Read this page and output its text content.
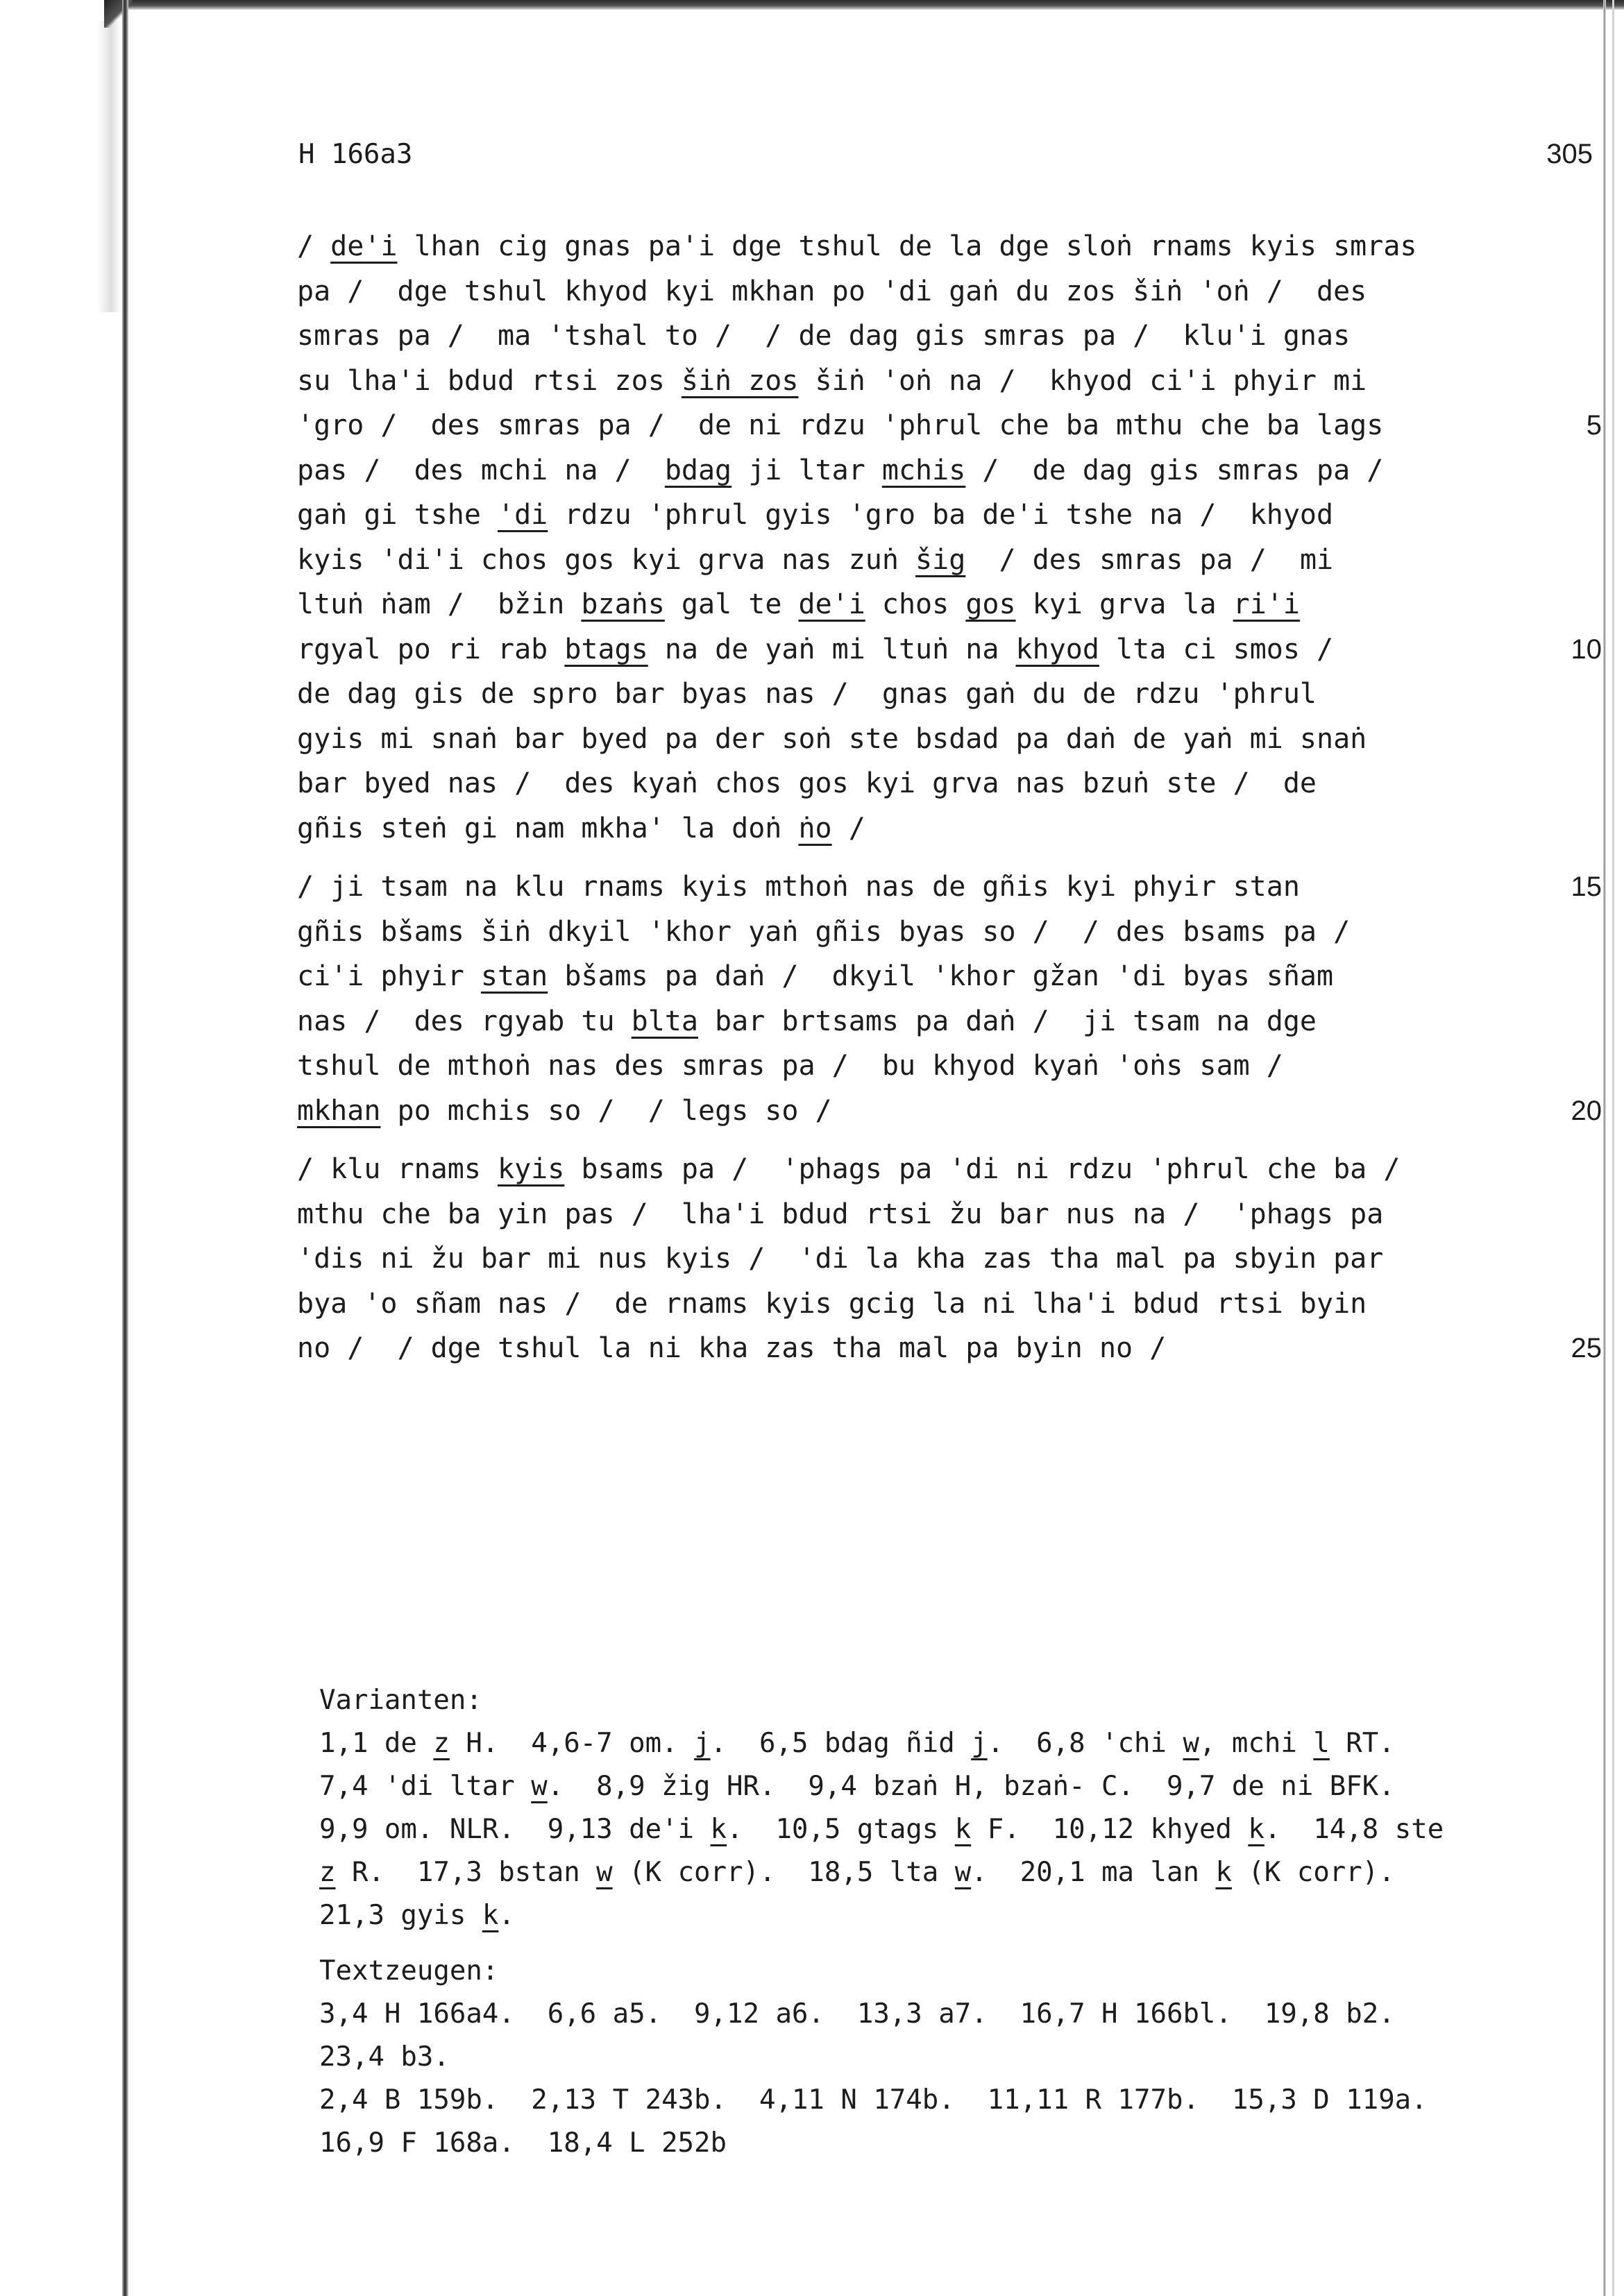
H 166a3	305
/ de'i lhan cig gnas pa'i dge tshul de la dge sloṅ rnams kyis smras
pa /  dge tshul khyod kyi mkhan po 'di gaṅ du zos šiṅ 'oṅ /  des
smras pa /  ma 'tshal to /  / de dag gis smras pa /  klu'i gnas
su lha'i bdud rtsi zos šiṅ zos šiṅ 'oṅ na /  khyod ci'i phyir mi
'gro /  des smras pa /  de ni rdzu 'phrul che ba mthu che ba lags	5
pas /  des mchi na /  bdag ji ltar mchis /  de dag gis smras pa /
gaṅ gi tshe 'di rdzu 'phrul gyis 'gro ba de'i tshe na /  khyod
kyis 'di'i chos gos kyi grva nas zuṅ šig  / des smras pa /  mi
ltuṅ ṅam /  bžin bzaṅs gal te de'i chos gos kyi grva la ri'i
rgyal po ri rab btags na de yaṅ mi ltuṅ na khyod lta ci smos /	10
de dag gis de spro bar byas nas /  gnas gaṅ du de rdzu 'phrul
gyis mi snaṅ bar byed pa der soṅ ste bsdad pa daṅ de yaṅ mi snaṅ
bar byed nas /  des kyaṅ chos gos kyi grva nas bzuṅ ste /  de
gñis steṅ gi nam mkha' la doṅ ṅo /
/ ji tsam na klu rnams kyis mthoṅ nas de gñis kyi phyir stan	15
gñis bšams šiṅ dkyil 'khor yaṅ gñis byas so /  / des bsams pa /
ci'i phyir stan bšams pa daṅ /  dkyil 'khor gžan 'di byas sñam
nas /  des rgyab tu blta bar brtsams pa daṅ /  ji tsam na dge
tshul de mthoṅ nas des smras pa /  bu khyod kyaṅ 'oṅs sam /
mkhan po mchis so /  / legs so /	20
/ klu rnams kyis bsams pa /  'phags pa 'di ni rdzu 'phrul che ba /
mthu che ba yin pas /  lha'i bdud rtsi žu bar nus na /  'phags pa
'dis ni žu bar mi nus kyis /  'di la kha zas tha mal pa sbyin par
bya 'o sñam nas /  de rnams kyis gcig la ni lha'i bdud rtsi byin
no /  / dge tshul la ni kha zas tha mal pa byin no /	25
Varianten:
1,1 de z H.  4,6-7 om. j.  6,5 bdag ñid j.  6,8 'chi w, mchi l RT.
7,4 'di ltar w.  8,9 žig HR.  9,4 bzaṅ H, bzaṅ- C.  9,7 de ni BFK.
9,9 om. NLR.  9,13 de'i k.  10,5 gtags k F.  10,12 khyed k.  14,8 ste
z R.  17,3 bstan w (K corr).  18,5 lta w.  20,1 ma lan k (K corr).
21,3 gyis k.
Textzeugen:
3,4 H 166a4.  6,6 a5.  9,12 a6.  13,3 a7.  16,7 H 166bl.  19,8 b2.
23,4 b3.
2,4 B 159b.  2,13 T 243b.  4,11 N 174b.  11,11 R 177b.  15,3 D 119a.
16,9 F 168a.  18,4 L 252b
